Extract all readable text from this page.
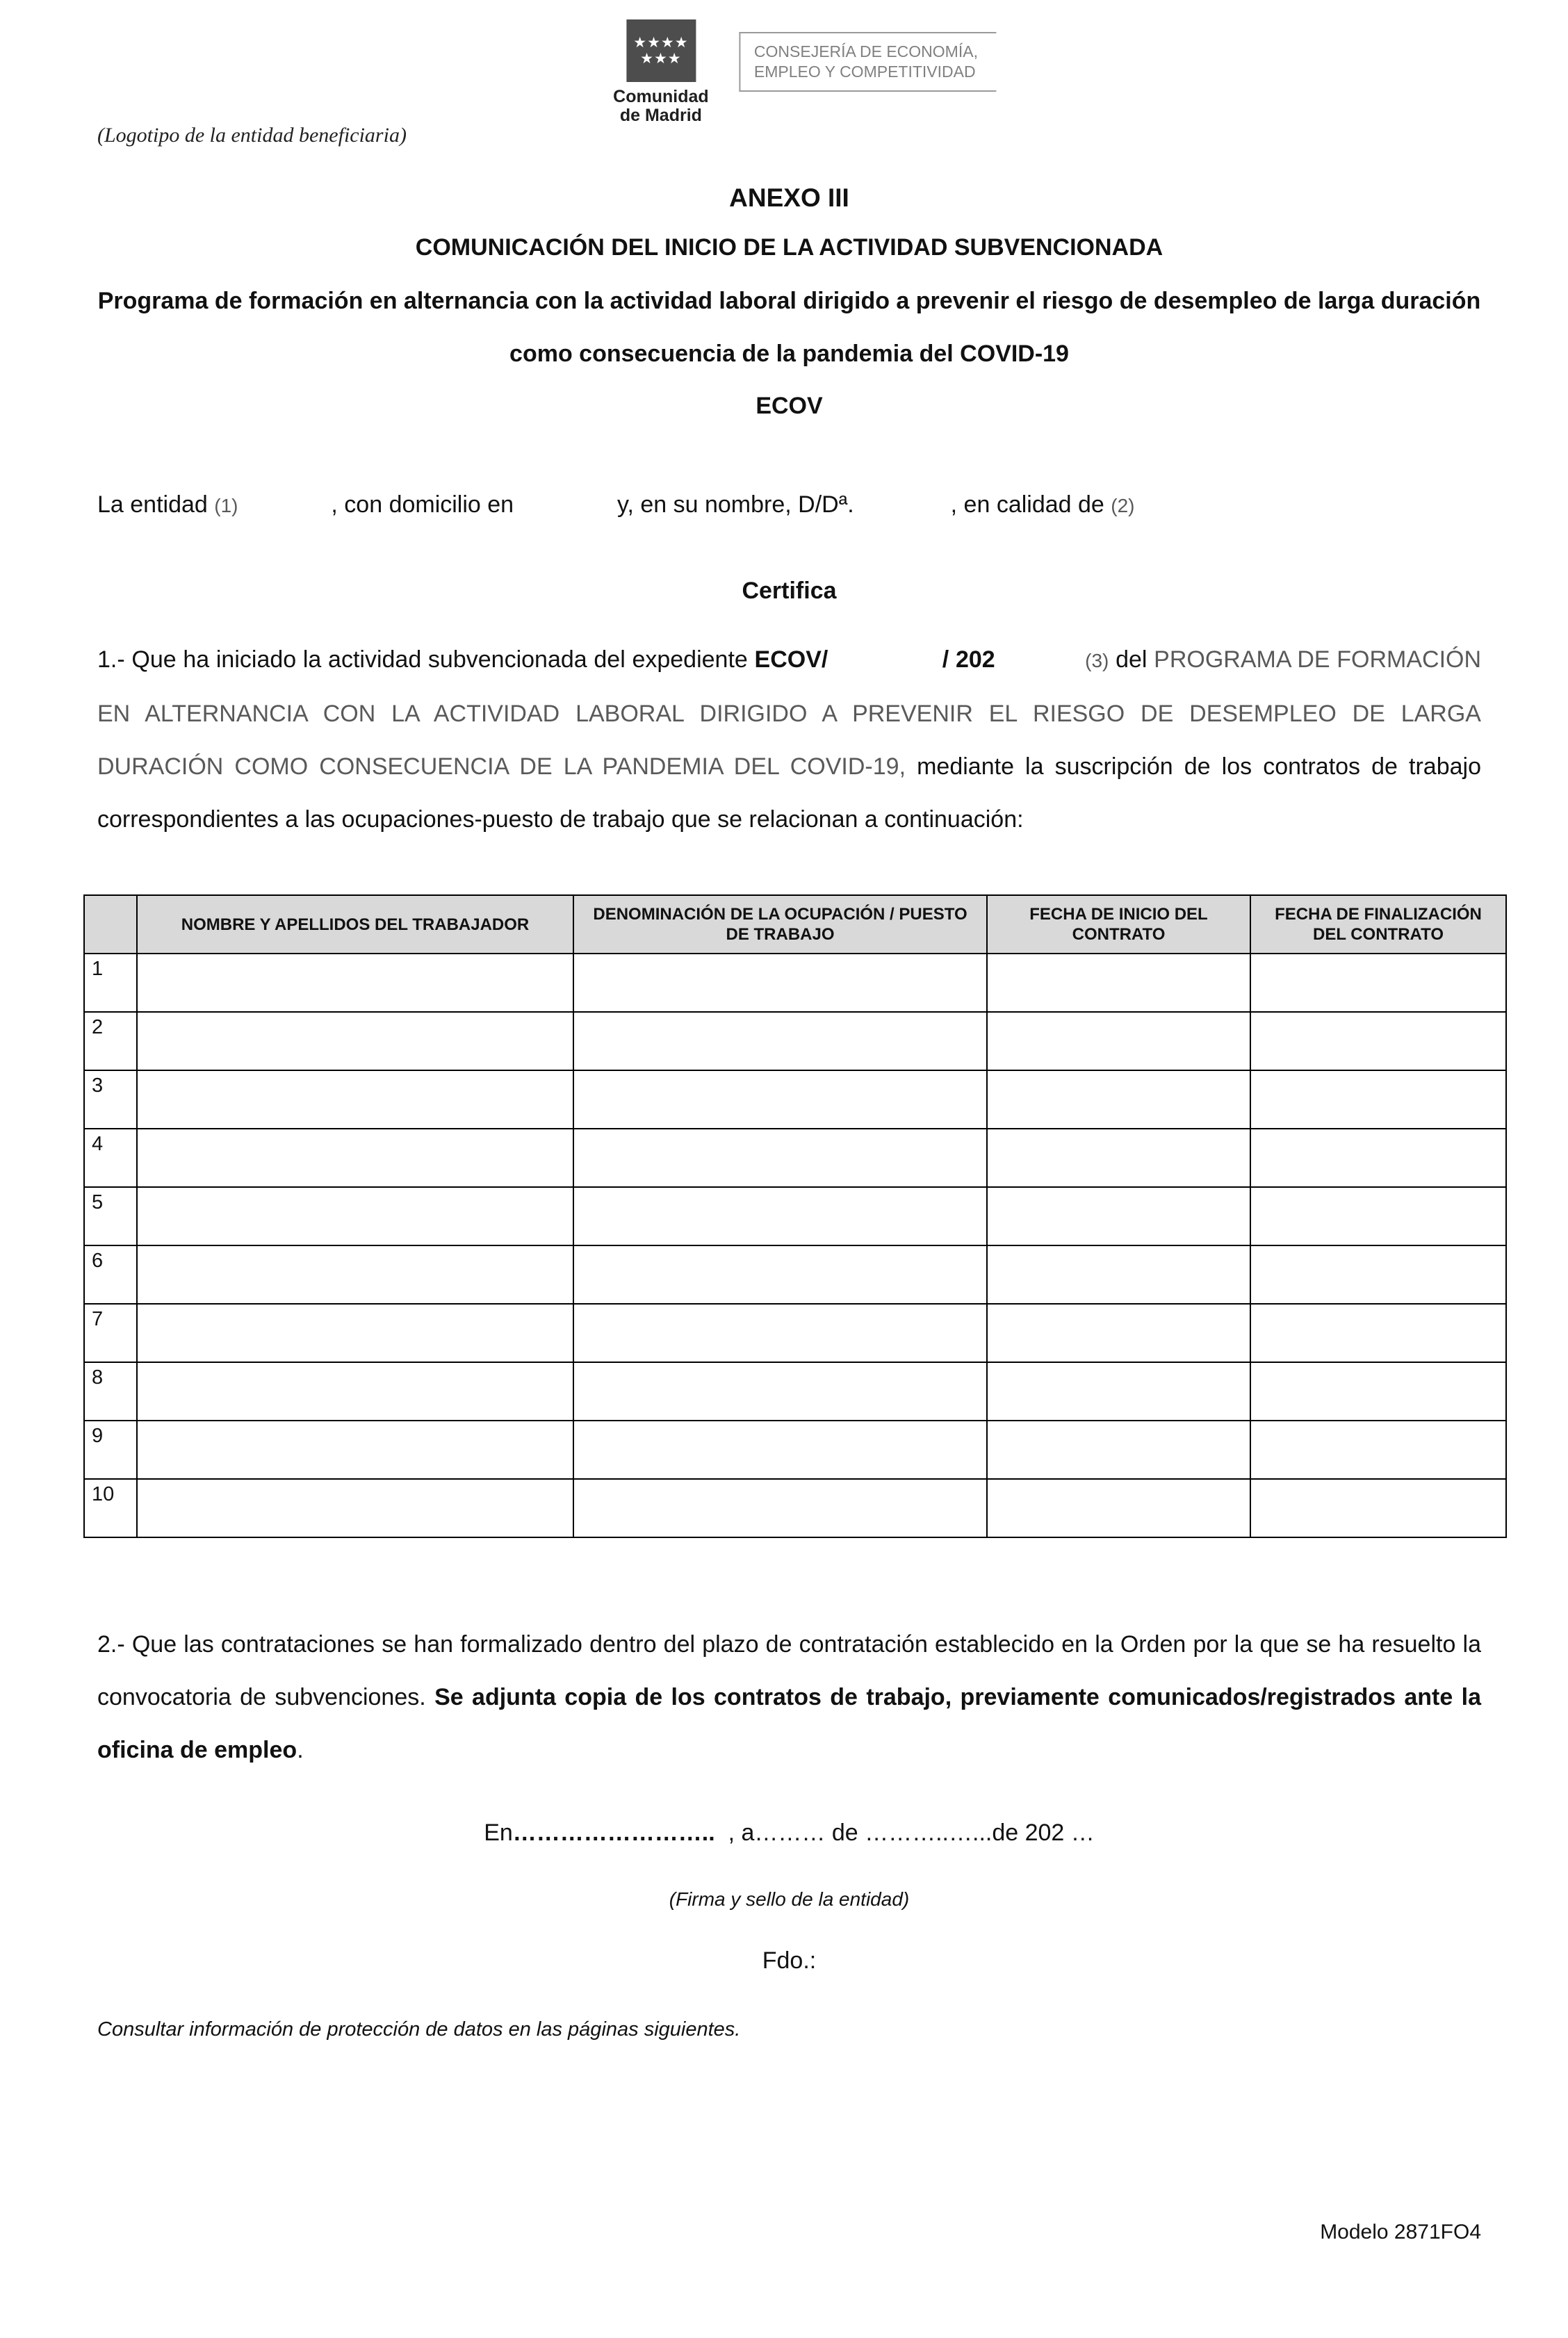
(Logotipo de la entidad beneficiaria)
★★★★
★★★
Comunidad
de Madrid
CONSEJERÍA DE ECONOMÍA,
EMPLEO Y COMPETITIVIDAD
ANEXO III
COMUNICACIÓN DEL INICIO DE LA ACTIVIDAD SUBVENCIONADA
Programa de formación en alternancia con la actividad laboral dirigido a prevenir el riesgo de desempleo de larga duración como consecuencia de la pandemia del COVID-19
ECOV

La entidad (1)	, con domicilio en	y, en su nombre, D/Dª.	, en calidad de (2)

Certifica

1.- Que ha iniciado la actividad subvencionada del expediente ECOV/	/ 202	(3) del PROGRAMA DE FORMACIÓN EN ALTERNANCIA CON LA ACTIVIDAD LABORAL DIRIGIDO A PREVENIR EL RIESGO DE DESEMPLEO DE LARGA DURACIÓN COMO CONSECUENCIA DE LA PANDEMIA DEL COVID-19, mediante la suscripción de los contratos de trabajo correspondientes a las ocupaciones-puesto de trabajo que se relacionan a continuación:

	NOMBRE Y APELLIDOS DEL TRABAJADOR	DENOMINACIÓN DE LA OCUPACIÓN / PUESTO DE TRABAJO	FECHA DE INICIO DEL CONTRATO	FECHA DE FINALIZACIÓN DEL CONTRATO
1				
2				
3				
4				
5				
6				
7				
8				
9				
10				

2.- Que las contrataciones se han formalizado dentro del plazo de contratación establecido en la Orden por la que se ha resuelto la convocatoria de subvenciones. Se adjunta copia de los contratos de trabajo, previamente comunicados/registrados ante la oficina de empleo.

En……………………..  , a……… de ………..…...de 202 …

(Firma y sello de la entidad)

Fdo.:

Consultar información de protección de datos en las páginas siguientes.

Modelo 2871FO4
